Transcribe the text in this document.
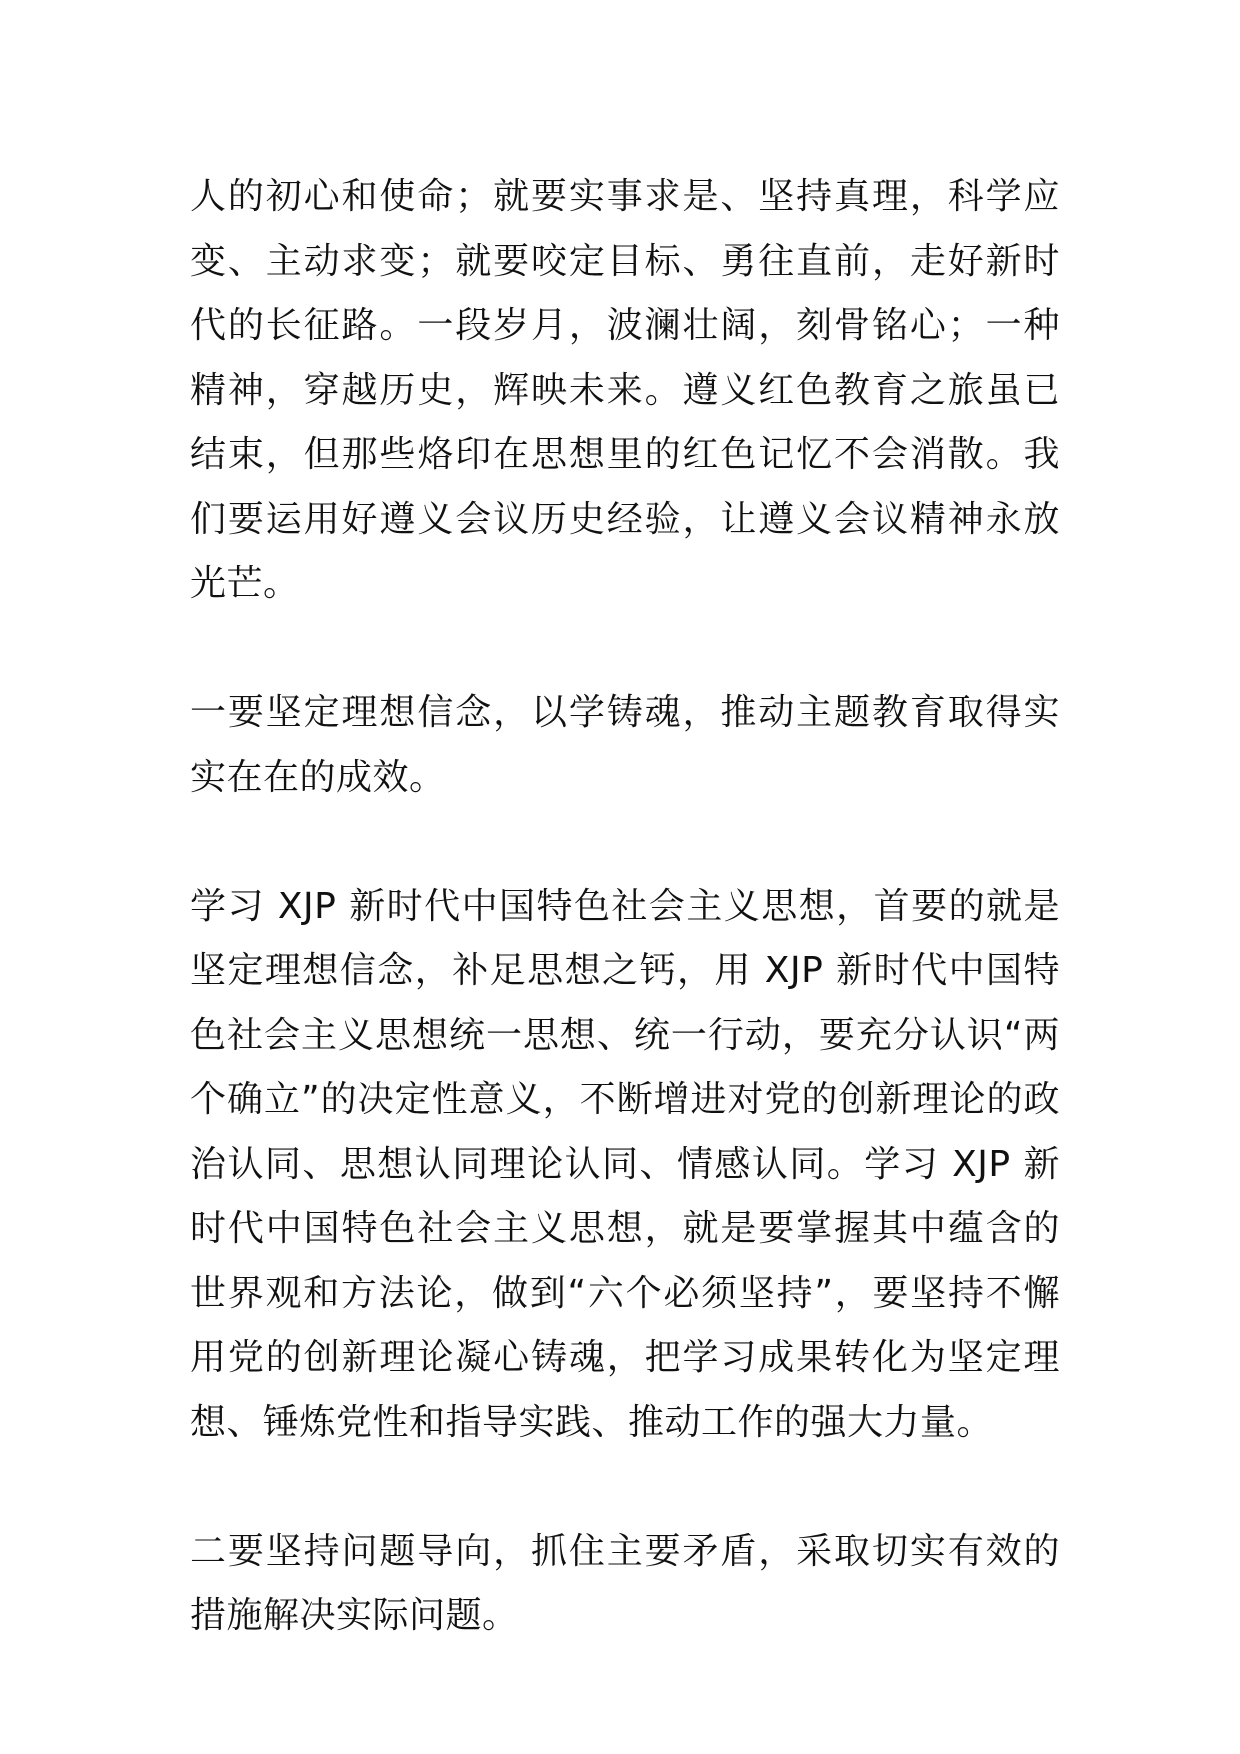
人的初心和使命；就要实事求是、坚持真理，科学应变、主动求变；就要咬定目标、勇往直前，走好新时代的长征路。一段岁月，波澜壮阔，刻骨铭心；一种精神，穿越历史，辉映未来。遵义红色教育之旅虽已结束，但那些烙印在思想里的红色记忆不会消散。我们要运用好遵义会议历史经验，让遵义会议精神永放光芒。

一要坚定理想信念，以学铸魂，推动主题教育取得实实在在的成效。

学习 XJP 新时代中国特色社会主义思想，首要的就是坚定理想信念，补足思想之钙，用 XJP 新时代中国特色社会主义思想统一思想、统一行动，要充分认识“两个确立”的决定性意义，不断增进对党的创新理论的政治认同、思想认同理论认同、情感认同。学习 XJP 新时代中国特色社会主义思想，就是要掌握其中蕴含的世界观和方法论，做到“六个必须坚持”，要坚持不懈用党的创新理论凝心铸魂，把学习成果转化为坚定理想、锤炼党性和指导实践、推动工作的强大力量。

二要坚持问题导向，抓住主要矛盾，采取切实有效的措施解决实际问题。
